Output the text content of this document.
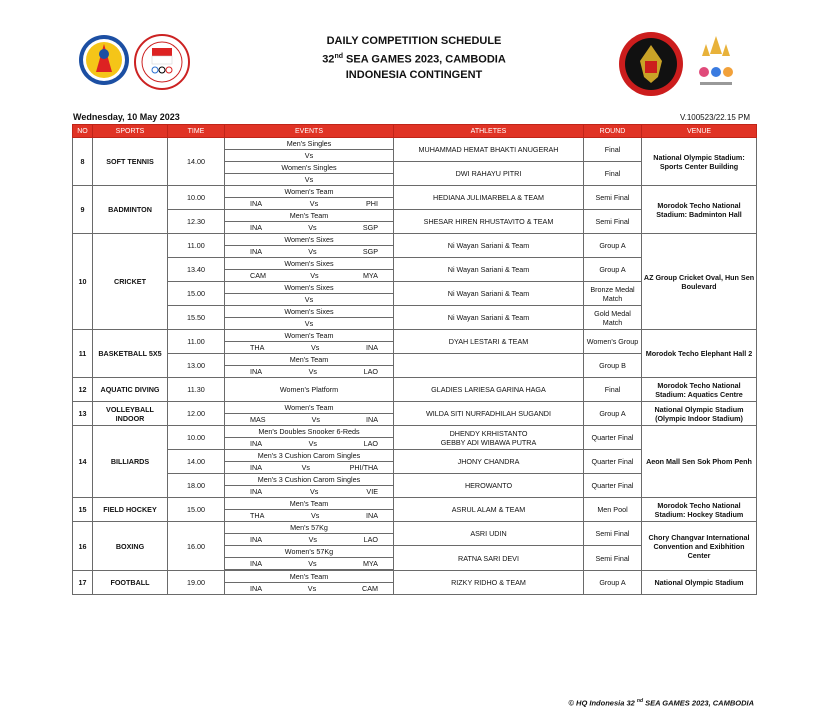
DAILY COMPETITION SCHEDULE
32nd SEA GAMES 2023, CAMBODIA
INDONESIA CONTINGENT
Wednesday, 10 May 2023	V.100523/22.15 PM
NO	SPORTS	TIME	EVENTS	ATHLETES	ROUND	VENUE
8	SOFT TENNIS	14.00	Men's Singles	MUHAMMAD HEMAT BHAKTI ANUGERAH	Final	National Olympic Stadium: Sports Center Building
			Vs			
			Women's Singles	DWI RAHAYU PITRI	Final	
			Vs			
9	BADMINTON	10.00	Women's Team	HEDIANA JULIMARBELA & TEAM	Semi Final	Morodok Techo National Stadium: Badminton Hall

			INA Vs PHI			

		12.30	Men's Team	SHESAR HIREN RHUSTAVITO & TEAM	Semi Final	

			INA Vs SGP			

10	CRICKET	11.00	Women's Sixes	Ni Wayan Sariani & Team	Group A	AZ Group Cricket Oval, Hun Sen Boulevard

			INA Vs SGP			

		13.40	Women's Sixes	Ni Wayan Sariani & Team	Group A	

			CAM Vs MYA			

		15.00	Women's Sixes	Ni Wayan Sariani & Team	Bronze Medal Match	
			Vs			
		15.50	Women's Sixes	Ni Wayan Sariani & Team	Gold Medal Match	
			Vs			
11	BASKETBALL 5X5	11.00	Women's Team	DYAH LESTARI & TEAM	Women's Group	Morodok Techo Elephant Hall 2

			THA Vs INA			

		13.00	Men's Team		Group B	

			INA Vs LAO			

12	AQUATIC DIVING	11.30	Women's Platform	GLADIES LARIESA GARINA HAGA	Final	Morodok Techo National Stadium: Aquatics Centre
13	VOLLEYBALL INDOOR	12.00	Women's Team	WILDA SITI NURFADHILAH SUGANDI	Group A	National Olympic Stadium (Olympic Indoor Stadium)

			MAS Vs INA			

14	BILLIARDS	10.00	Men's Doubles Snooker 6-Reds	DHENDY KRHISTANTO
GEBBY ADI WIBAWA PUTRA	Quarter Final	Aeon Mall Sen Sok Phom Penh

			INA Vs LAO			

		14.00	Men's 3 Cushion Carom Singles	JHONY CHANDRA	Quarter Final	

			INA Vs PHI/THA			

		18.00	Men's 3 Cushion Carom Singles	HEROWANTO	Quarter Final	

			INA Vs VIE			

15	FIELD HOCKEY	15.00	Men's Team	ASRUL ALAM & TEAM	Men Pool	Morodok Techo National Stadium: Hockey Stadium

			THA Vs INA			

16	BOXING	16.00	Men's 57Kg	ASRI UDIN	Semi Final	Chory Changvar International Convention and Exibhition Center

			INA Vs LAO			

			Women's 57Kg	RATNA SARI DEVI	Semi Final	

			INA Vs MYA			

17	FOOTBALL	19.00	Men's Team	RIZKY RIDHO & TEAM	Group A	National Olympic Stadium

			INA Vs CAM			
© HQ Indonesia 32 $^{nd}$ SEA GAMES 2023, CAMBODIA
